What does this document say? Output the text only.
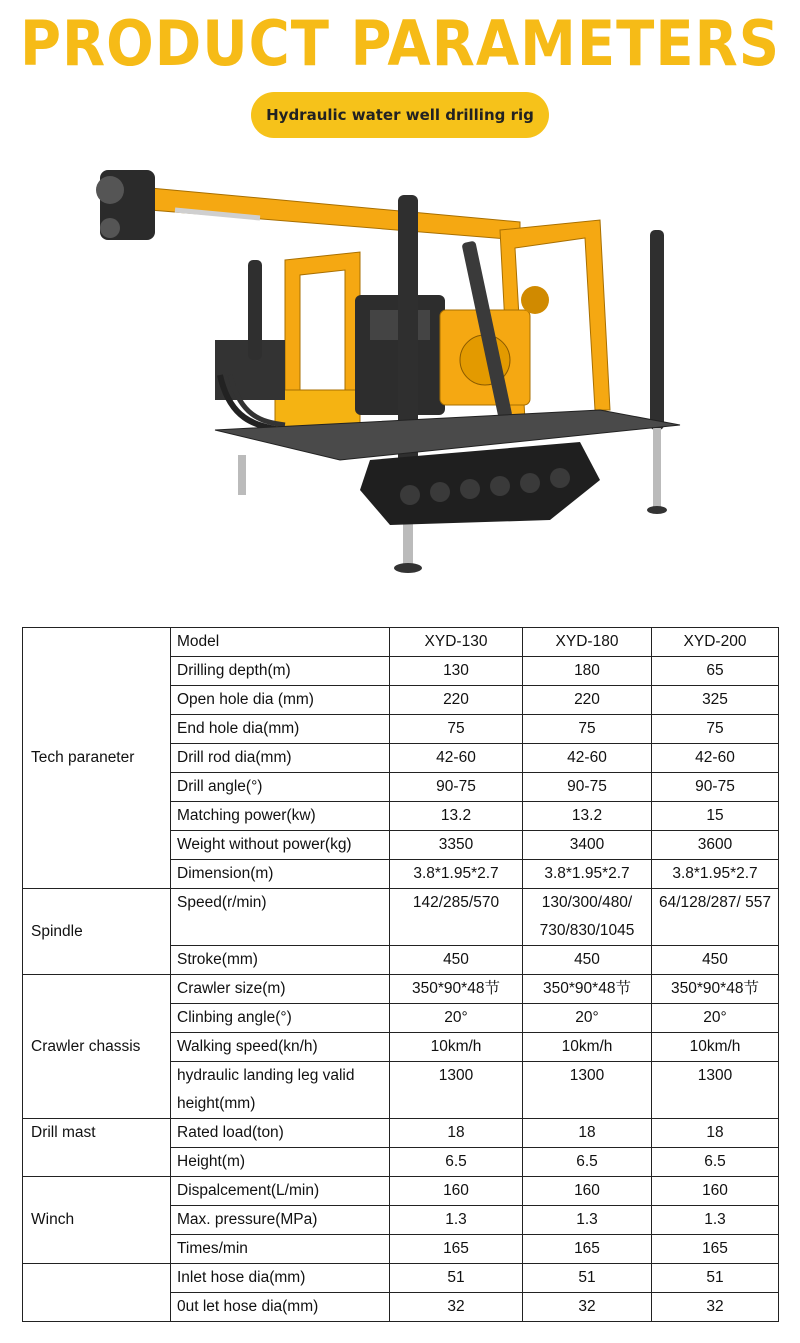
PRODUCT PARAMETERS
Hydraulic water well drilling rig
Tech paraneter	Model	XYD-130	XYD-180	XYD-200
	Drilling depth(m)	130	180	65
	Open hole dia (mm)	220	220	325
	End hole dia(mm)	75	75	75
	Drill rod dia(mm)	42-60	42-60	42-60
	Drill angle(°)	90-75	90-75	90-75
	Matching power(kw)	13.2	13.2	15
	Weight without power(kg)	3350	3400	3600
	Dimension(m)	3.8*1.95*2.7	3.8*1.95*2.7	3.8*1.95*2.7
Spindle	Speed(r/min)	142/285/570	130/300/480/ 730/830/1045	64/128/287/ 557
	Stroke(mm)	450	450	450
Crawler chassis	Crawler size(m)	350*90*48节	350*90*48节	350*90*48节
	Clinbing angle(°)	20°	20°	20°
	Walking speed(kn/h)	10km/h	10km/h	10km/h
	hydraulic landing leg valid height(mm)	1300	1300	1300
Drill mast	Rated load(ton)	18	18	18
	Height(m)	6.5	6.5	6.5
Winch	Dispalcement(L/min)	160	160	160
	Max. pressure(MPa)	1.3	1.3	1.3
	Times/min	165	165	165
	Inlet hose dia(mm)	51	51	51
	0ut let hose dia(mm)	32	32	32
